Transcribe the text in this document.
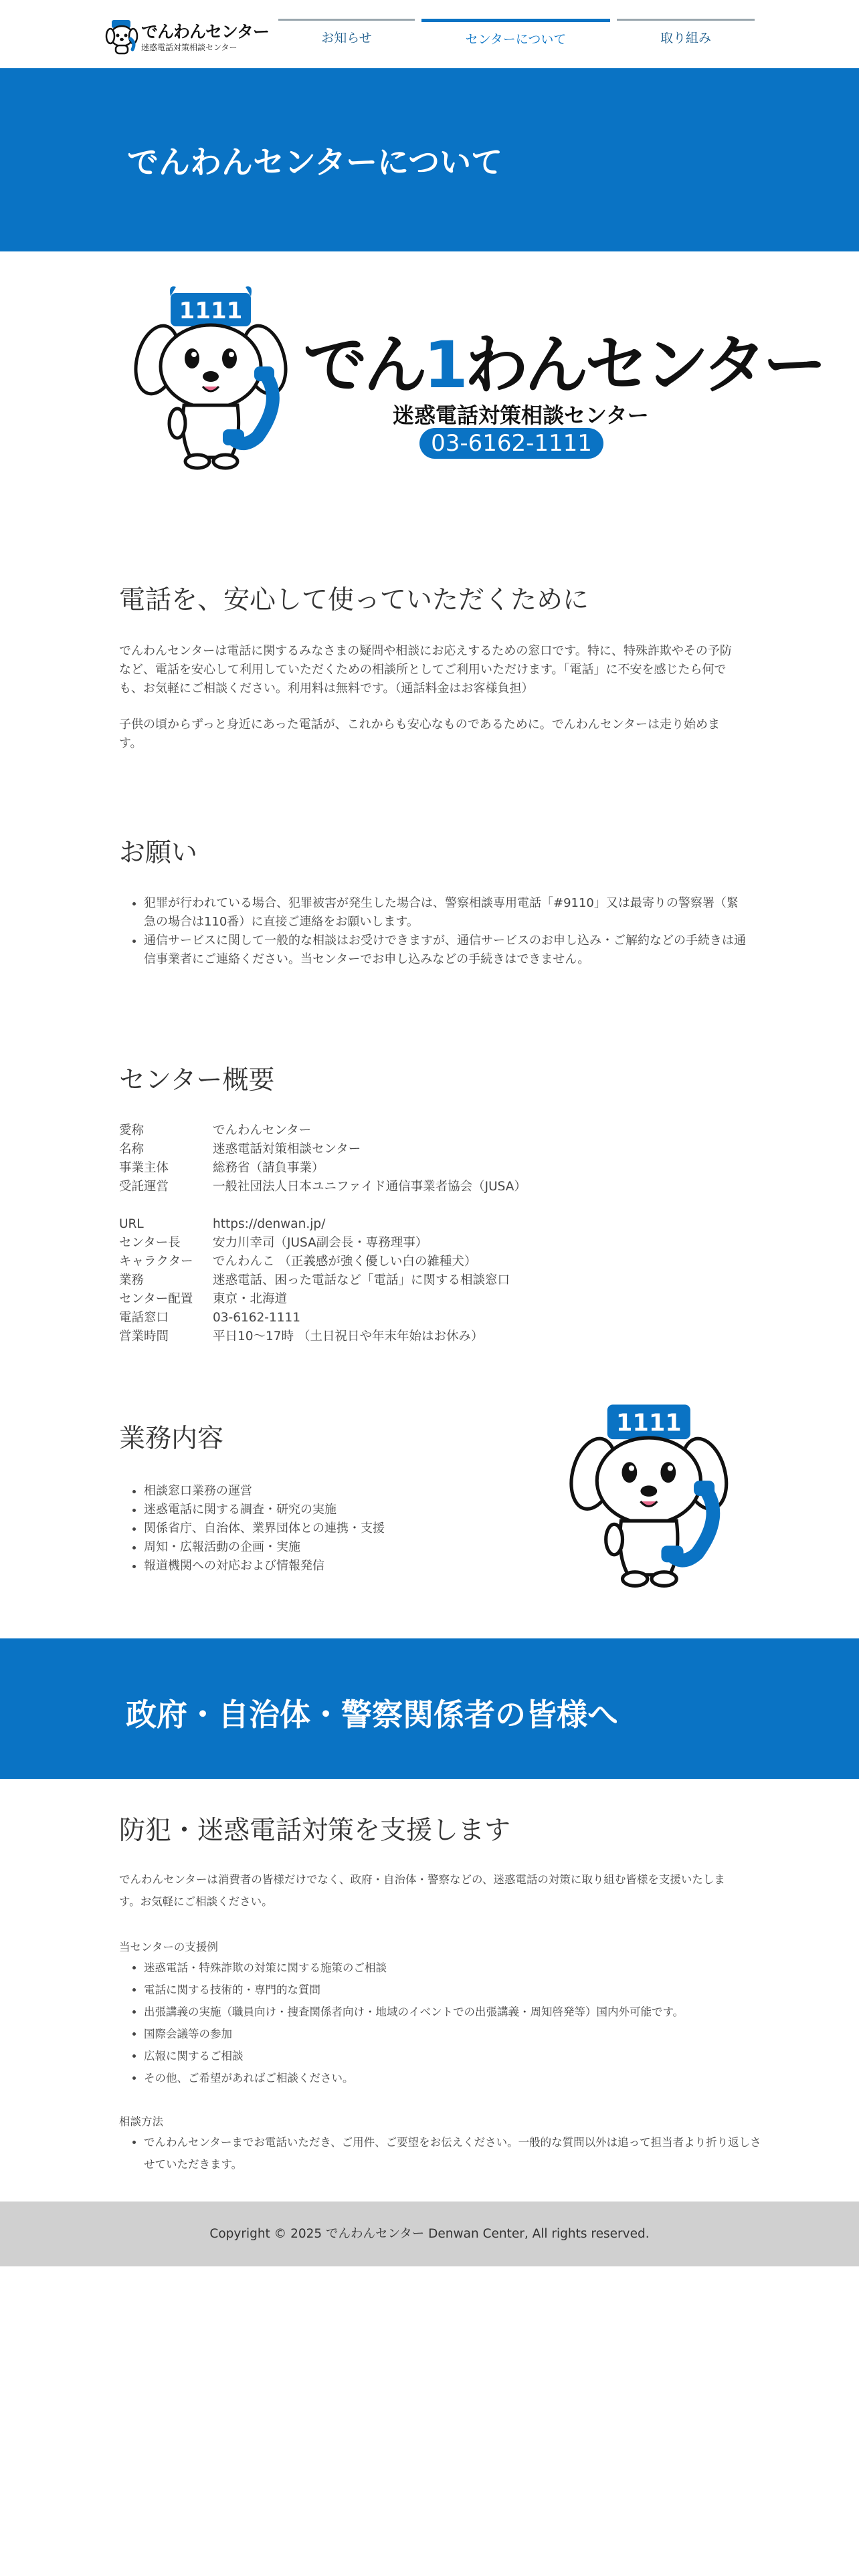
でんわんセンター
迷惑電話対策相談センター
お知らせ	センターについて	取り組み
でんわんセンターについて
1111
でん1わんセンター
迷惑電話対策相談センター
03-6162-1111
電話を、安心して使っていただくために
でんわんセンターは電話に関するみなさまの疑問や相談にお応えするための窓口です。特に、特殊詐欺やその予防など、電話を安心して利用していただくための相談所としてご利用いただけます。「電話」に不安を感じたら何でも、お気軽にご相談ください。利用料は無料です。（通話料金はお客様負担）
子供の頃からずっと身近にあった電話が、これからも安心なものであるために。でんわんセンターは走り始めます。
お願い
• 犯罪が行われている場合、犯罪被害が発生した場合は、警察相談専用電話「#9110」又は最寄りの警察署（緊急の場合は110番）に直接ご連絡をお願いします。
• 通信サービスに関して一般的な相談はお受けできますが、通信サービスのお申し込み・ご解約などの手続きは通信事業者にご連絡ください。当センターでお申し込みなどの手続きはできません。
センター概要
愛称	でんわんセンター
名称	迷惑電話対策相談センター
事業主体	総務省（請負事業）
受託運営	一般社団法人日本ユニファイド通信事業者協会（JUSA）
URL	https://denwan.jp/
センター長	安力川幸司（JUSA副会長・専務理事）
キャラクター でんわんこ （正義感が強く優しい白の雑種犬）
業務	迷惑電話、困った電話など「電話」に関する相談窓口
センター配置 東京・北海道
電話窓口	03-6162-1111
営業時間	平日10〜17時 （土日祝日や年末年始はお休み）
業務内容
• 相談窓口業務の運営
• 迷惑電話に関する調査・研究の実施
• 関係省庁、自治体、業界団体との連携・支援
• 周知・広報活動の企画・実施
• 報道機関への対応および情報発信
1111
政府・自治体・警察関係者の皆様へ
防犯・迷惑電話対策を支援します
でんわんセンターは消費者の皆様だけでなく、政府・自治体・警察などの、迷惑電話の対策に取り組む皆様を支援いたします。お気軽にご相談ください。
当センターの支援例
• 迷惑電話・特殊詐欺の対策に関する施策のご相談
• 電話に関する技術的・専門的な質問
• 出張講義の実施（職員向け・捜査関係者向け・地域のイベントでの出張講義・周知啓発等）国内外可能です。
• 国際会議等の参加
• 広報に関するご相談
• その他、ご希望があればご相談ください。
相談方法
• でんわんセンターまでお電話いただき、ご用件、ご要望をお伝えください。一般的な質問以外は追って担当者より折り返しさせていただきます。
Copyright © 2025 でんわんセンター Denwan Center, All rights reserved.
